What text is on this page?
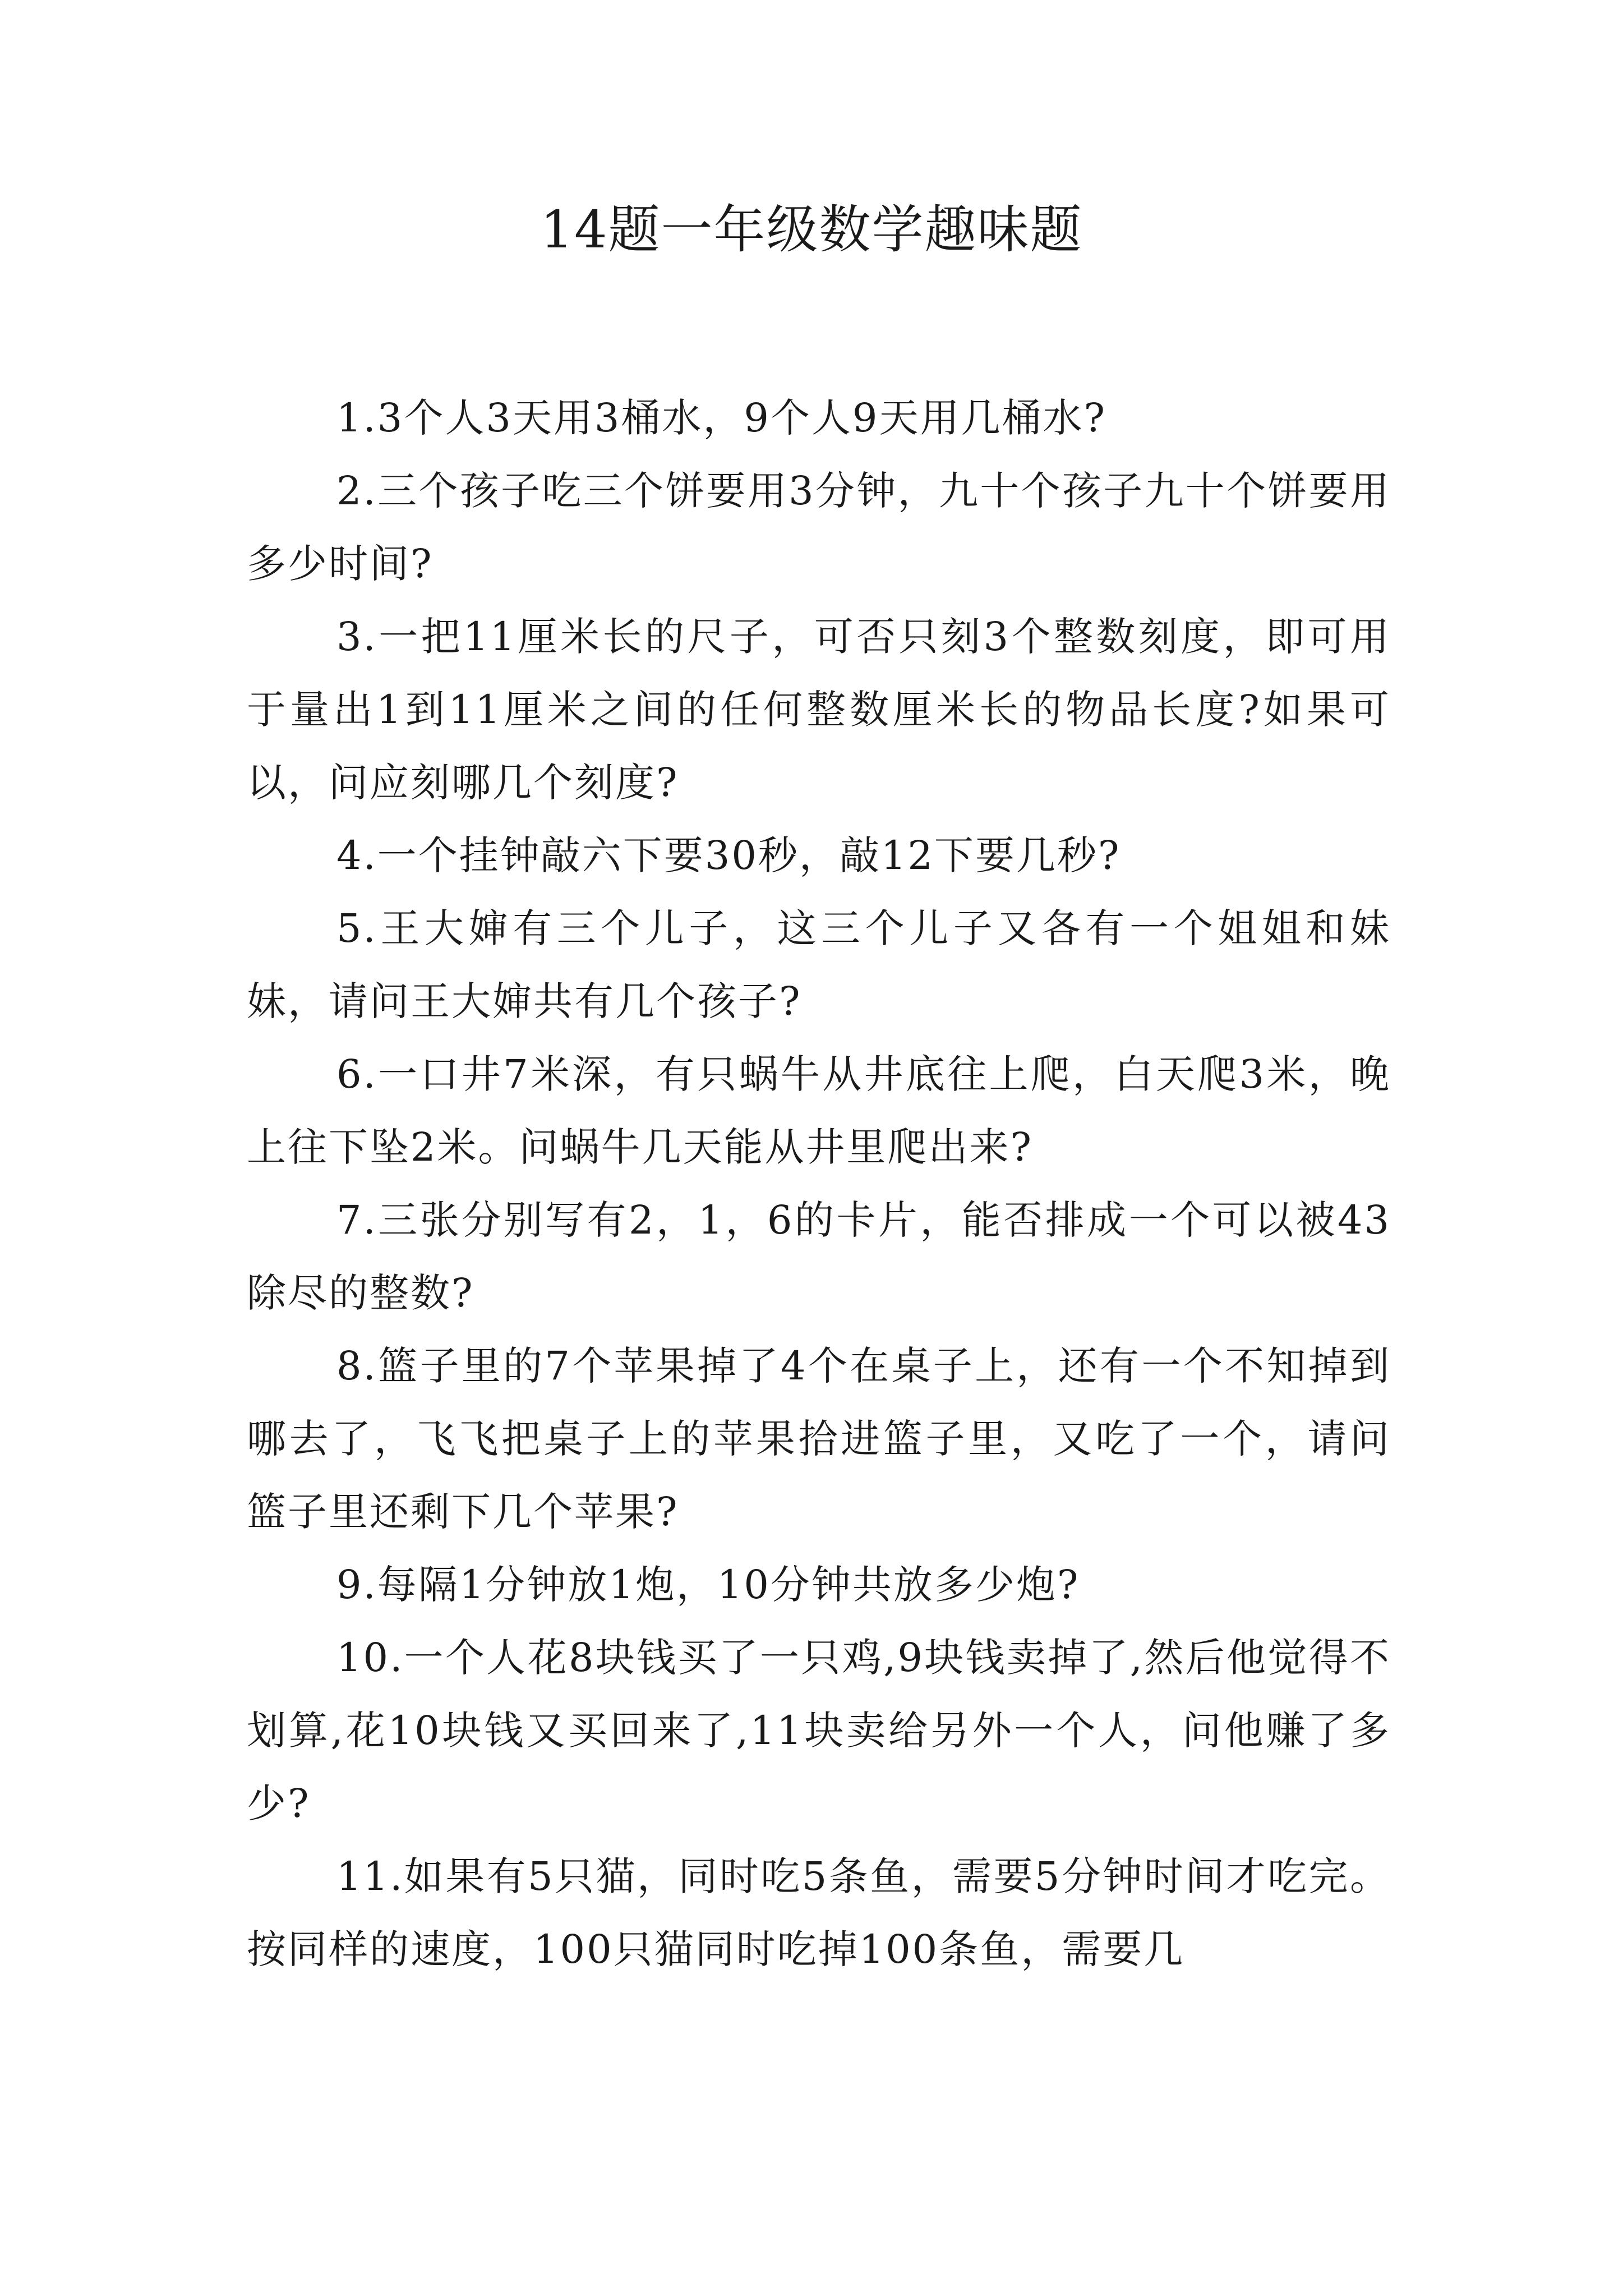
14题一年级数学趣味题

1.3个人3天用3桶水，9个人9天用几桶水?

2.三个孩子吃三个饼要用3分钟，九十个孩子九十个饼要用多少时间?

3.一把11厘米长的尺子，可否只刻3个整数刻度，即可用于量出1到11厘米之间的任何整数厘米长的物品长度?如果可以，问应刻哪几个刻度?

4.一个挂钟敲六下要30秒，敲12下要几秒?

5.王大婶有三个儿子，这三个儿子又各有一个姐姐和妹妹，请问王大婶共有几个孩子?

6.一口井7米深，有只蜗牛从井底往上爬，白天爬3米，晚上往下坠2米。问蜗牛几天能从井里爬出来?

7.三张分别写有2，1，6的卡片，能否排成一个可以被43除尽的整数?

8.篮子里的7个苹果掉了4个在桌子上，还有一个不知掉到哪去了，飞飞把桌子上的苹果拾进篮子里，又吃了一个，请问篮子里还剩下几个苹果?

9.每隔1分钟放1炮，10分钟共放多少炮?

10.一个人花8块钱买了一只鸡,9块钱卖掉了,然后他觉得不划算,花10块钱又买回来了,11块卖给另外一个人，问他赚了多少?

11.如果有5只猫，同时吃5条鱼，需要5分钟时间才吃完。按同样的速度，100只猫同时吃掉100条鱼，需要几
